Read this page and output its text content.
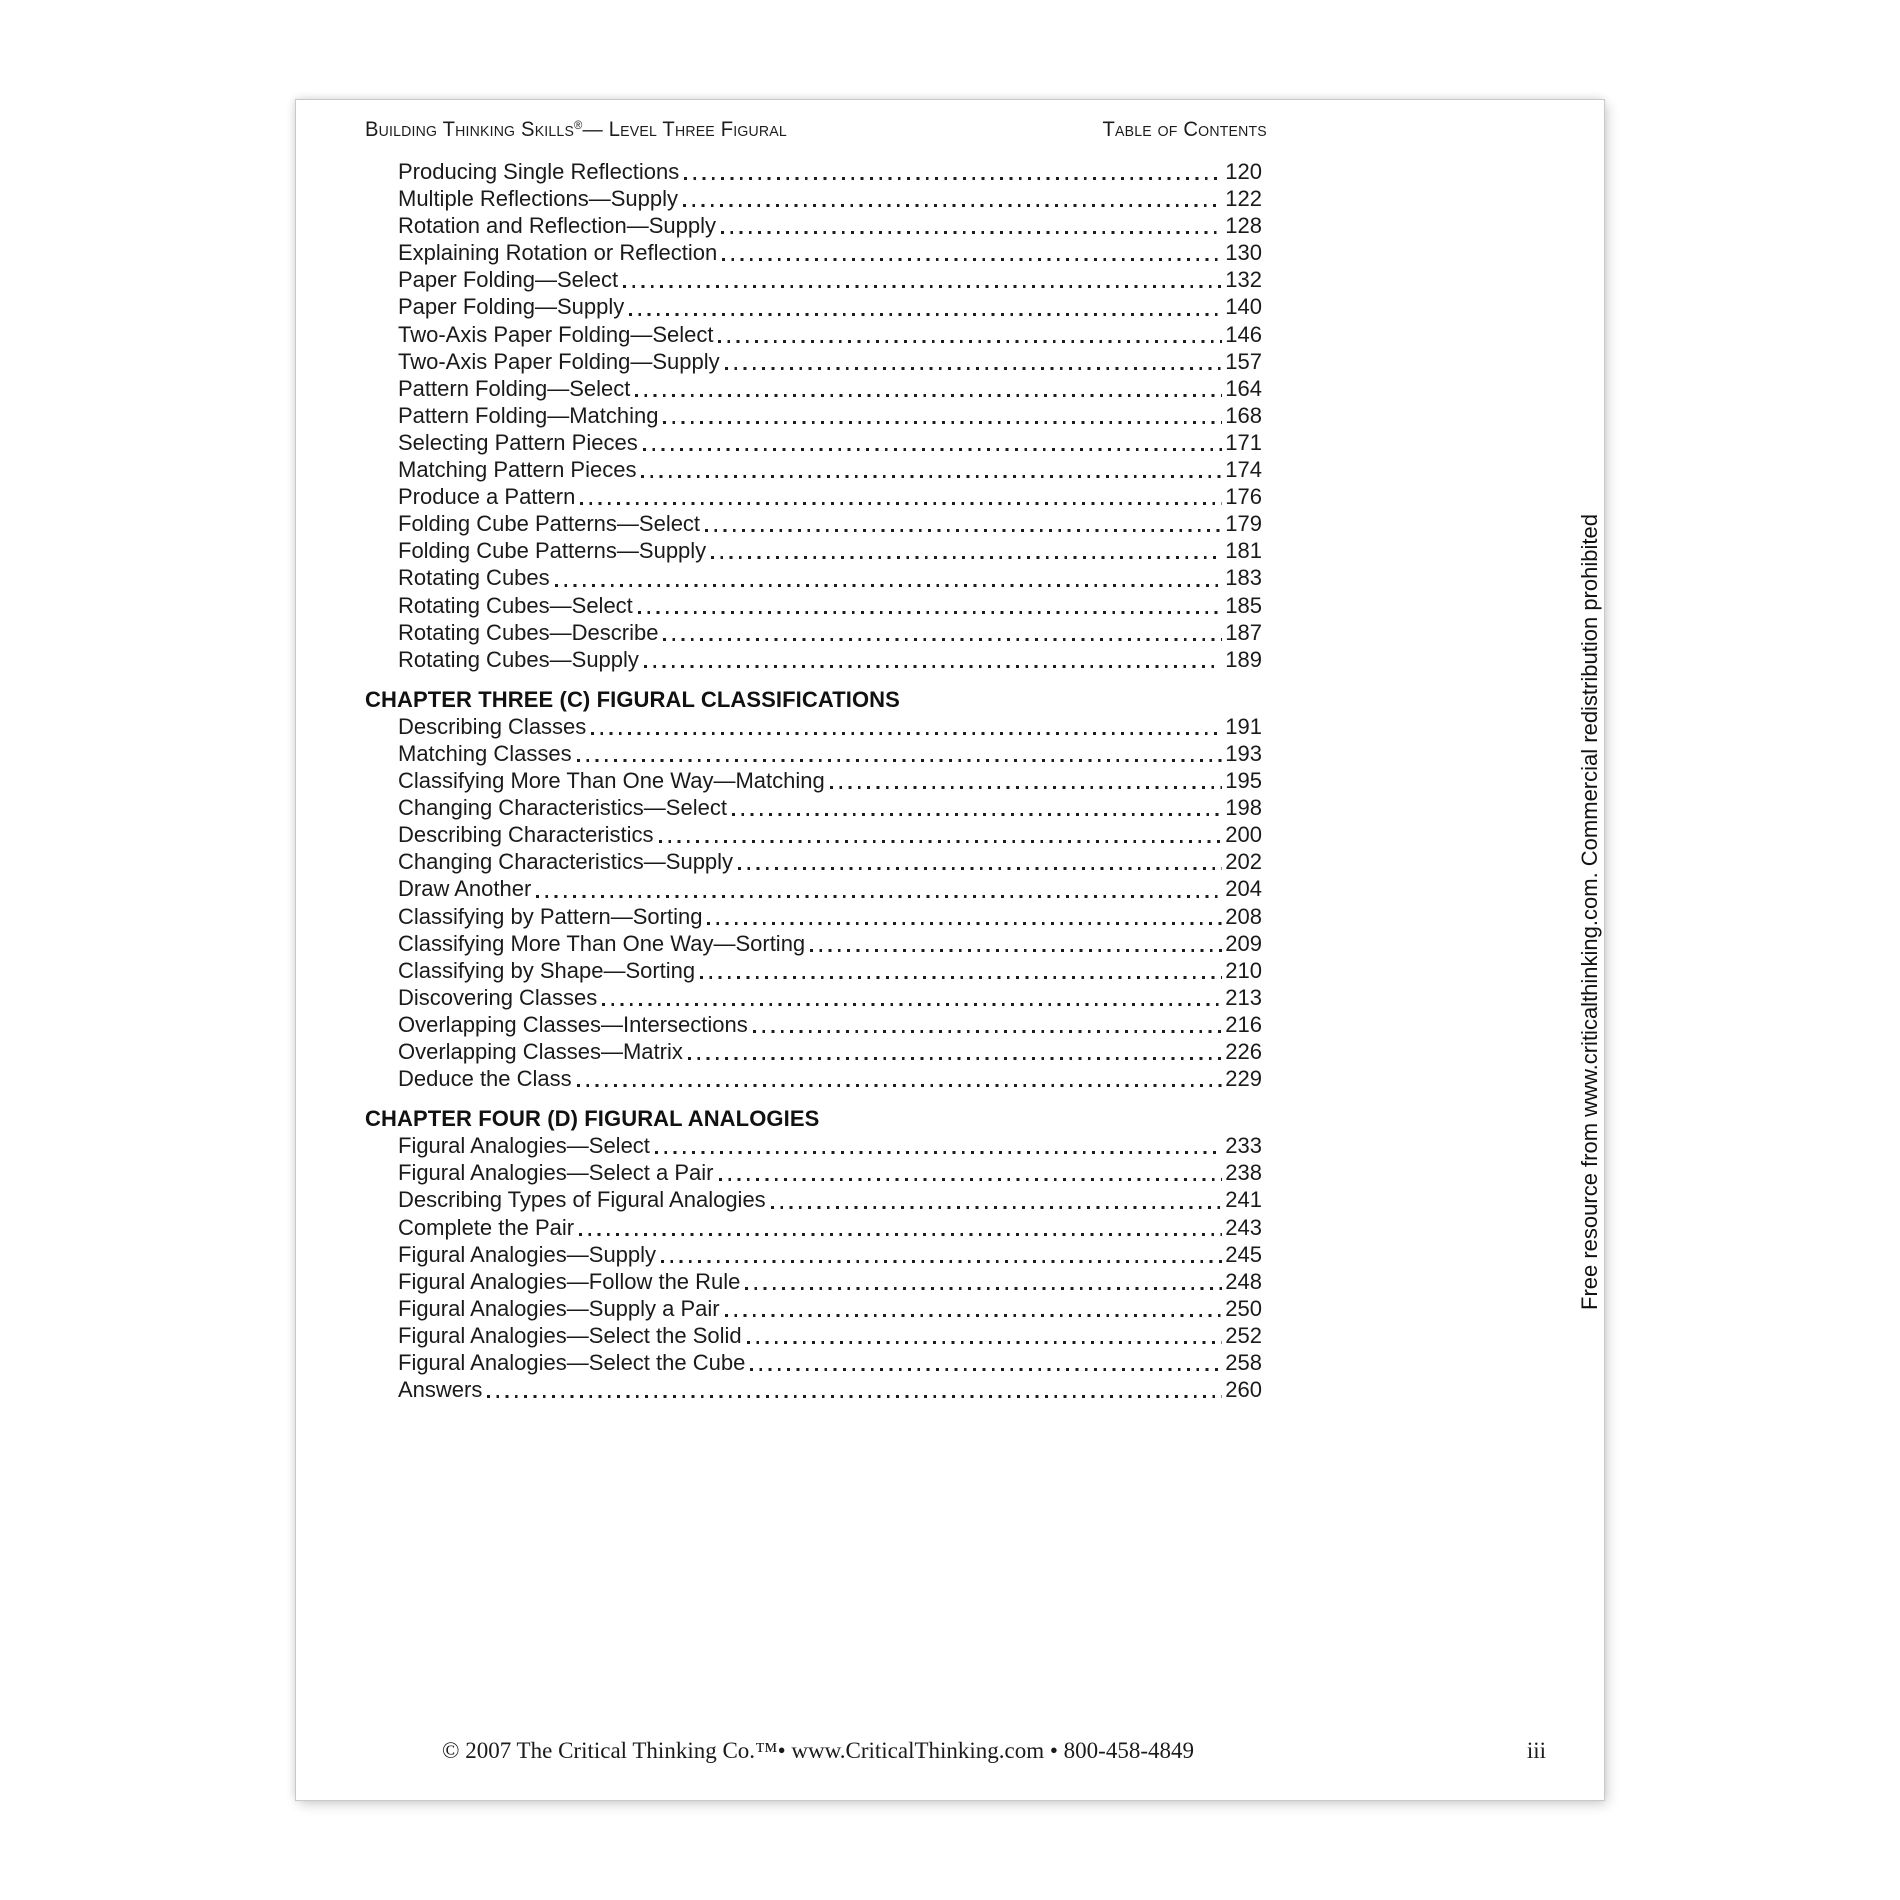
Building Thinking Skills®— Level Three Figural	Table of Contents
Producing Single Reflections	120
Multiple Reflections—Supply	122
Rotation and Reflection—Supply	128
Explaining Rotation or Reflection	130
Paper Folding—Select	132
Paper Folding—Supply	140
Two-Axis Paper Folding—Select	146
Two-Axis Paper Folding—Supply	157
Pattern Folding—Select	164
Pattern Folding—Matching	168
Selecting Pattern Pieces	171
Matching Pattern Pieces	174
Produce a Pattern	176
Folding Cube Patterns—Select	179
Folding Cube Patterns—Supply	181
Rotating Cubes	183
Rotating Cubes—Select	185
Rotating Cubes—Describe	187
Rotating Cubes—Supply	189
CHAPTER THREE (C) FIGURAL CLASSIFICATIONS
Describing Classes	191
Matching Classes	193
Classifying More Than One Way—Matching	195
Changing Characteristics—Select	198
Describing Characteristics	200
Changing Characteristics—Supply	202
Draw Another	204
Classifying by Pattern—Sorting	208
Classifying More Than One Way—Sorting	209
Classifying by Shape—Sorting	210
Discovering Classes	213
Overlapping Classes—Intersections	216
Overlapping Classes—Matrix	226
Deduce the Class	229
CHAPTER FOUR (D) FIGURAL ANALOGIES
Figural Analogies—Select	233
Figural Analogies—Select a Pair	238
Describing Types of Figural Analogies	241
Complete the Pair	243
Figural Analogies—Supply	245
Figural Analogies—Follow the Rule	248
Figural Analogies—Supply a Pair	250
Figural Analogies—Select the Solid	252
Figural Analogies—Select the Cube	258
Answers	260
Free resource from www.criticalthinking.com. Commercial redistribution prohibited
© 2007 The Critical Thinking Co.™• www.CriticalThinking.com • 800-458-4849	iii
